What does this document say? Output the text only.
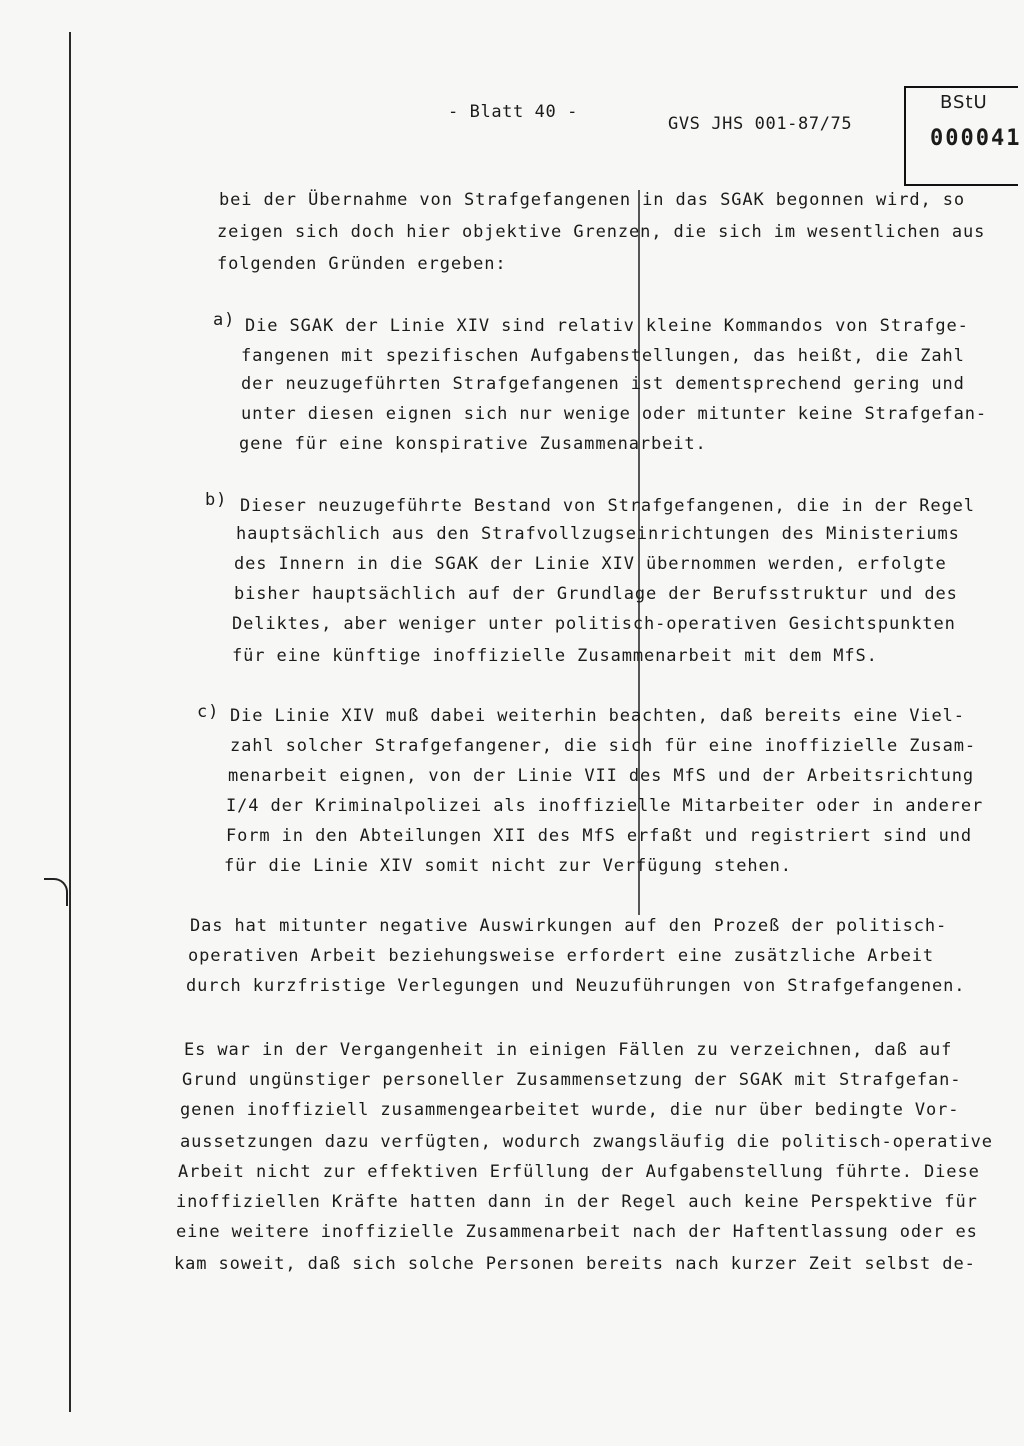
- Blatt 40 -
GVS JHS 001-87/75
BStU
000041
bei der Übernahme von Strafgefangenen in das SGAK begonnen wird, so
zeigen sich doch hier objektive Grenzen, die sich im wesentlichen aus
folgenden Gründen ergeben:
a) Die SGAK der Linie XIV sind relativ kleine Kommandos von Strafge-
fangenen mit spezifischen Aufgabenstellungen, das heißt, die Zahl
der neuzugeführten Strafgefangenen ist dementsprechend gering und
unter diesen eignen sich nur wenige oder mitunter keine Strafgefan-
gene für eine konspirative Zusammenarbeit.
b) Dieser neuzugeführte Bestand von Strafgefangenen, die in der Regel
hauptsächlich aus den Strafvollzugseinrichtungen des Ministeriums
des Innern in die SGAK der Linie XIV übernommen werden, erfolgte
bisher hauptsächlich auf der Grundlage der Berufsstruktur und des
Deliktes, aber weniger unter politisch-operativen Gesichtspunkten
für eine künftige inoffizielle Zusammenarbeit mit dem MfS.
c) Die Linie XIV muß dabei weiterhin beachten, daß bereits eine Viel-
zahl solcher Strafgefangener, die sich für eine inoffizielle Zusam-
menarbeit eignen, von der Linie VII des MfS und der Arbeitsrichtung
I/4 der Kriminalpolizei als inoffizielle Mitarbeiter oder in anderer
Form in den Abteilungen XII des MfS erfaßt und registriert sind und
für die Linie XIV somit nicht zur Verfügung stehen.
Das hat mitunter negative Auswirkungen auf den Prozeß der politisch-
operativen Arbeit beziehungsweise erfordert eine zusätzliche Arbeit
durch kurzfristige Verlegungen und Neuzuführungen von Strafgefangenen.
Es war in der Vergangenheit in einigen Fällen zu verzeichnen, daß auf
Grund ungünstiger personeller Zusammensetzung der SGAK mit Strafgefan-
genen inoffiziell zusammengearbeitet wurde, die nur über bedingte Vor-
aussetzungen dazu verfügten, wodurch zwangsläufig die politisch-operative
Arbeit nicht zur effektiven Erfüllung der Aufgabenstellung führte. Diese
inoffiziellen Kräfte hatten dann in der Regel auch keine Perspektive für
eine weitere inoffizielle Zusammenarbeit nach der Haftentlassung oder es
kam soweit, daß sich solche Personen bereits nach kurzer Zeit selbst de-
